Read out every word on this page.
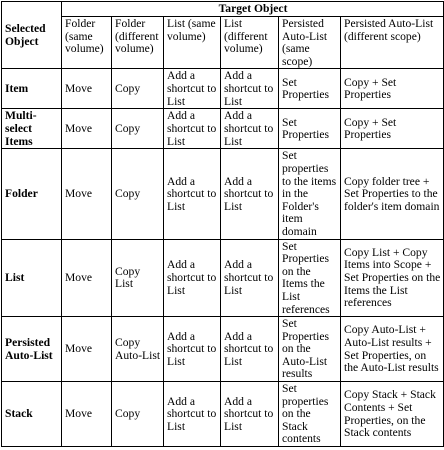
Selected Object	Target Object					
	Folder (same volume)	Folder (different volume)	List (same volume)	List (different volume)	Persisted Auto-List (same scope)	Persisted Auto-List (different scope)
Item	Move	Copy	Add a shortcut to List	Add a shortcut to List	Set Properties	Copy + Set Properties
Multi-select Items	Move	Copy	Add a shortcut to List	Add a shortcut to List	Set Properties	Copy + Set Properties
Folder	Move	Copy	Add a shortcut to List	Add a shortcut to List	Set properties to the items in the Folder's item domain	Copy folder tree + Set Properties to the folder's item domain
List	Move	Copy List	Add a shortcut to List	Add a shortcut to List	Set Properties on the Items the List references	Copy List + Copy Items into Scope + Set Properties on the Items the List references
Persisted Auto-List	Move	Copy Auto-List	Add a shortcut to List	Add a shortcut to List	Set Properties on the Auto-List results	Copy Auto-List + Auto-List results + Set Properties, on the Auto-List results
Stack	Move	Copy	Add a shortcut to List	Add a shortcut to List	Set properties on the Stack contents	Copy Stack + Stack Contents + Set Properties, on the Stack contents
